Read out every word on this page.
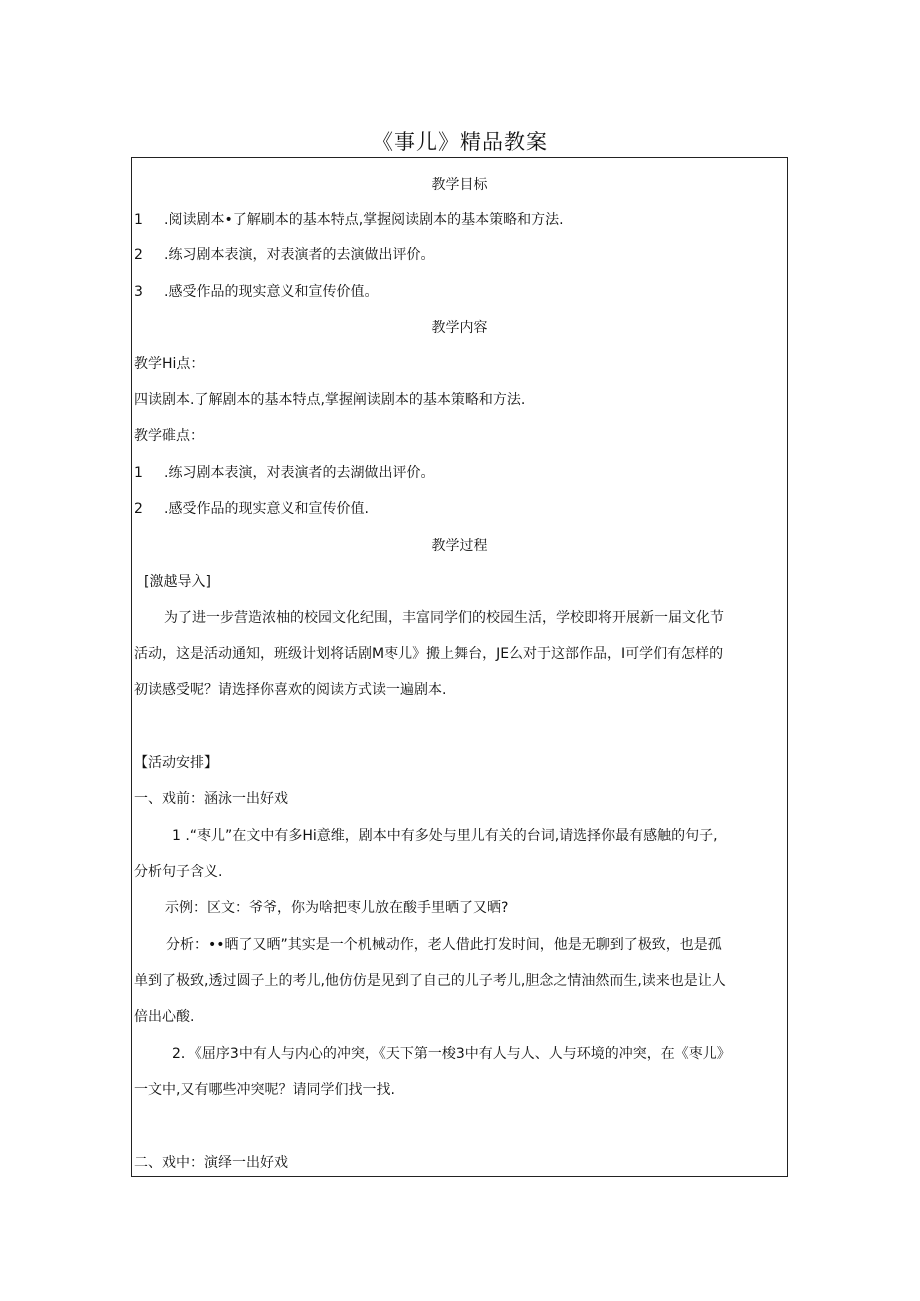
《事儿》精品教案
教学目标
1 .阅读剧本•了解刷本的基本特点,掌握阅读剧本的基本策略和方法.
2 .练习剧本表演，对表演者的去演做出评价。
3 .感受作品的现实意义和宣传价值。
教学内容
教学Hi点：
四读剧本.了解剧本的基本特点,掌握阐读剧本的基本策略和方法.
教学碓点：
1 .练习剧本表演，对表演者的去湖做出评价。
2 .感受作品的现实意义和宣传价值.
教学过程
[激越导入]
为了进一步营造浓柚的校园文化纪围，丰富同学们的校园生活，学校即将开展新一届文化节
活动，这是活动通知，班级计划将话剧M枣儿》搬上舞台，JE么对于这部作品，I可学们有怎样的
初读感受呢？请选择你喜欢的阅读方式读一遍剧本.
【活动安排】
一、戏前：涵泳一出好戏
1 .“枣儿”在文中有多Hi意维，剧本中有多处与里儿有关的台词,请选择你最有感触的句子,
分析句子含义.
示例：区文：爷爷，你为啥把枣儿放在酸手里晒了又晒?
分析：••晒了又晒”其实是一个机械动作，老人借此打发时间，他是无聊到了极致，也是孤
单到了极致,透过圆子上的考儿,他仿仿是见到了自己的儿子考儿,胆念之情油然而生,读来也是让人
倍出心酸.
2．《屈序3中有人与内心的冲突，《天下第一梭3中有人与人、人与环境的冲突，在《枣儿》
一文中,又有哪些冲突呢？请同学们找一找.
二、戏中：演绎一出好戏
